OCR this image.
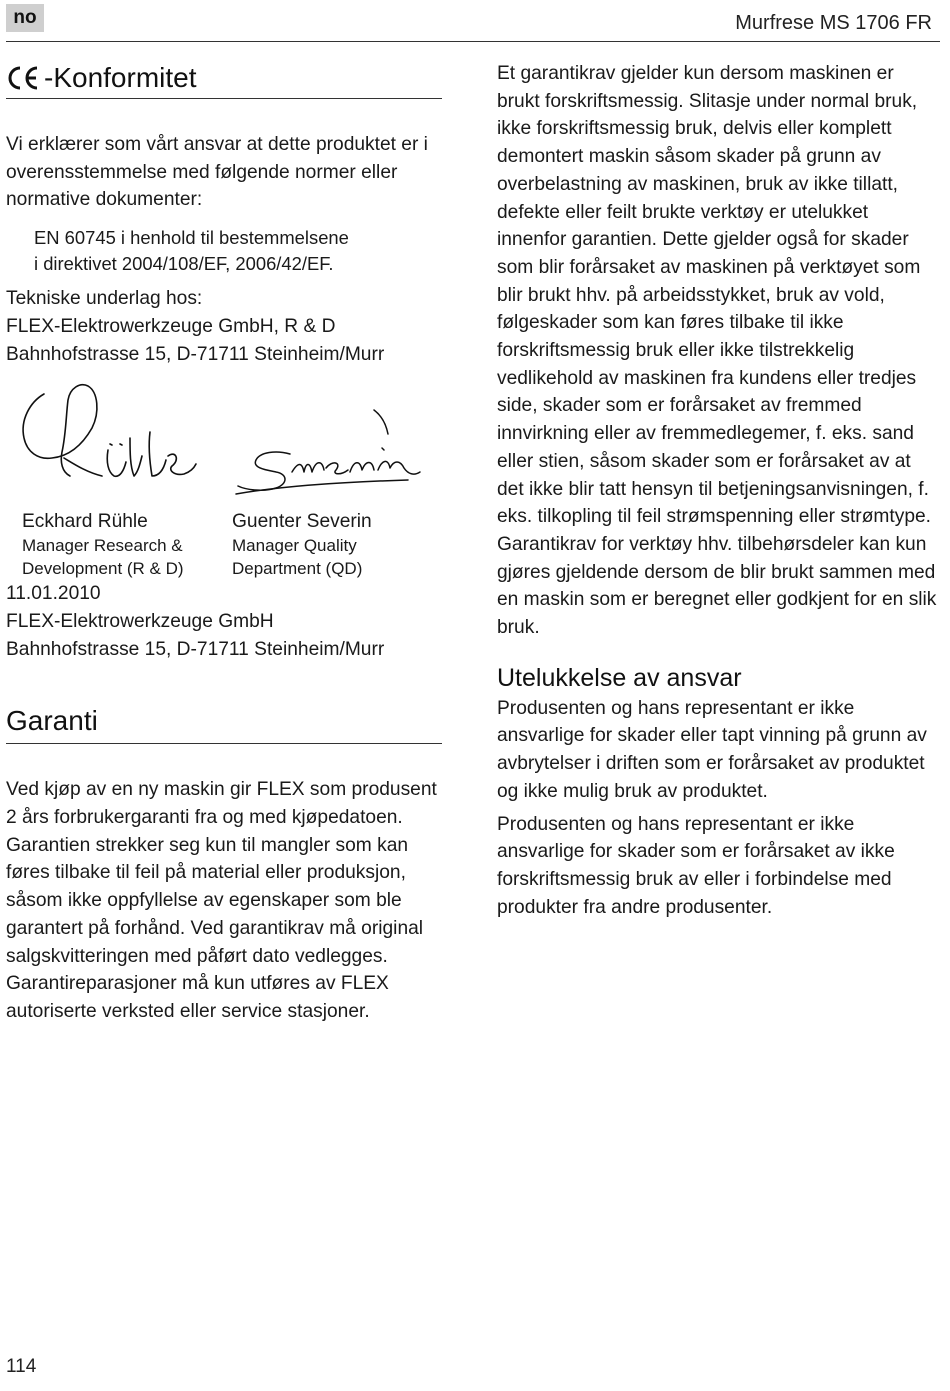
no	Murfrese MS 1706 FR
-Konformitet

Vi erklærer som vårt ansvar at dette produktet er i overensstemmelse med følgende normer eller normative dokumenter:

EN 60745 i henhold til bestemmelsene

i direktivet 2004/108/EF, 2006/42/EF.

Tekniske underlag hos:

FLEX-Elektrowerkzeuge GmbH, R & D

Bahnhofstrasse 15, D-71711 Steinheim/Murr

Eckhard Rühle
Manager Research &
Development (R & D)
Guenter Severin
Manager Quality
Department (QD)

11.01.2010

FLEX-Elektrowerkzeuge GmbH

Bahnhofstrasse 15, D-71711 Steinheim/Murr

Garanti

Ved kjøp av en ny maskin gir FLEX som produsent 2 års forbrukergaranti fra og med kjøpedatoen. Garantien strekker seg kun til mangler som kan føres tilbake til feil på material eller produksjon, såsom ikke oppfyllelse av egenskaper som ble garantert på forhånd. Ved garantikrav må original salgskvitteringen med påført dato vedlegges. Garantireparasjoner må kun utføres av FLEX autoriserte verksted eller service stasjoner.

Et garantikrav gjelder kun dersom maskinen er brukt forskriftsmessig. Slitasje under normal bruk, ikke forskriftsmessig bruk, delvis eller komplett demontert maskin såsom skader på grunn av overbelastning av maskinen, bruk av ikke tillatt, defekte eller feilt brukte verktøy er utelukket innenfor garantien. Dette gjelder også for skader som blir forårsaket av maskinen på verktøyet som blir brukt hhv. på arbeidsstykket, bruk av vold, følgeskader som kan føres tilbake til ikke forskriftsmessig bruk eller ikke tilstrekkelig vedlikehold av maskinen fra kundens eller tredjes side, skader som er forårsaket av fremmed innvirkning eller av fremmedlegemer, f. eks. sand eller stien, såsom skader som er forårsaket av at det ikke blir tatt hensyn til betjeningsanvisningen, f. eks. tilkopling til feil strømspenning eller strømtype. Garantikrav for verktøy hhv. tilbehørsdeler kan kun gjøres gjeldende dersom de blir brukt sammen med en maskin som er beregnet eller godkjent for en slik bruk.

Utelukkelse av ansvar

Produsenten og hans representant er ikke ansvarlige for skader eller tapt vinning på grunn av avbrytelser i driften som er forårsaket av produktet og ikke mulig bruk av produktet.

Produsenten og hans representant er ikke ansvarlige for skader som er forårsaket av ikke forskriftsmessig bruk av eller i forbindelse med produkter fra andre produsenter.

114
